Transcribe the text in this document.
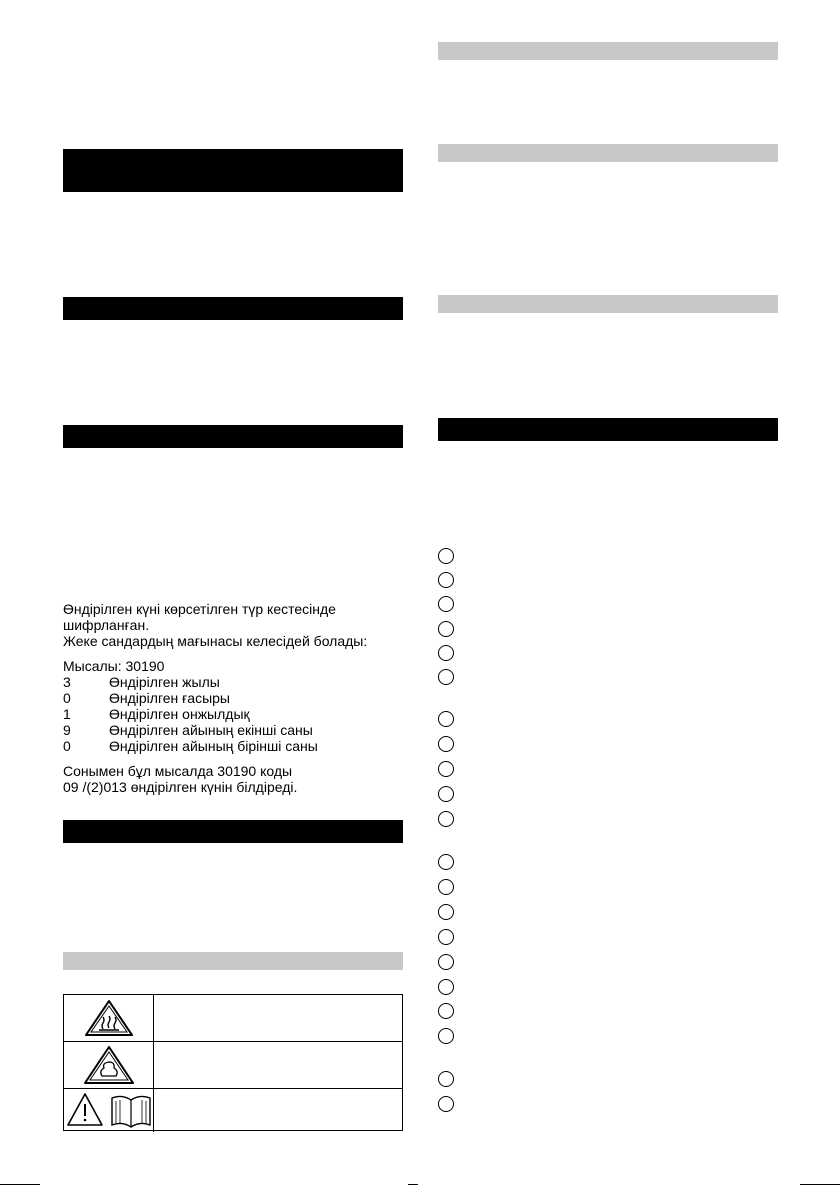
Өндірілген күні көрсетілген түр кестесінде

шифрланған.

Жеке сандардың мағынасы келесідей болады:

Мысалы: 30190

3	Өндірілген жылы
0	Өндірілген ғасыры
1	Өндірілген онжылдық
9	Өндірілген айының екінші саны
0	Өндірілген айының бірінші саны

Сонымен бұл мысалда 30190 коды

09 /(2)013 өндірілген күнін білдіреді.
